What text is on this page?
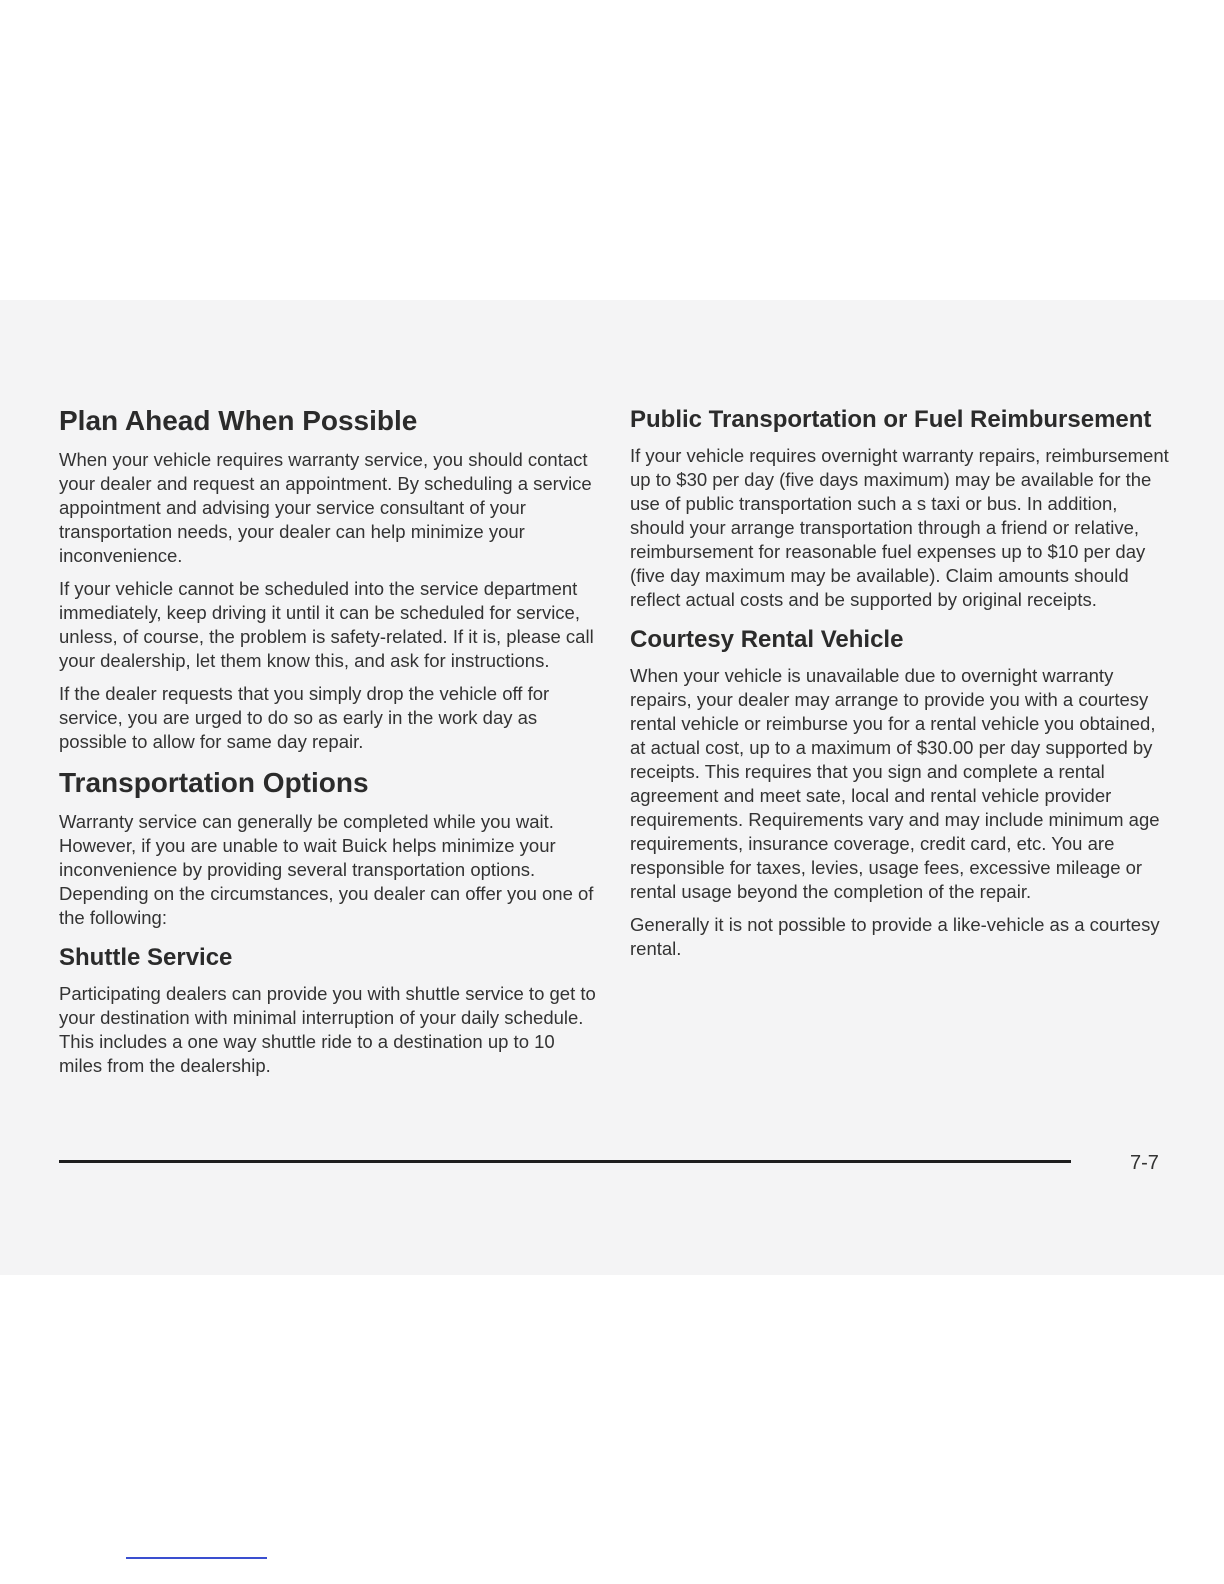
Plan Ahead When Possible

When your vehicle requires warranty service, you should contact your dealer and request an appointment. By scheduling a service appointment and advising your service consultant of your transportation needs, your dealer can help minimize your inconvenience.

If your vehicle cannot be scheduled into the service department immediately, keep driving it until it can be scheduled for service, unless, of course, the problem is safety-related. If it is, please call your dealership, let them know this, and ask for instructions.

If the dealer requests that you simply drop the vehicle off for service, you are urged to do so as early in the work day as possible to allow for same day repair.

Transportation Options

Warranty service can generally be completed while you wait. However, if you are unable to wait Buick helps minimize your inconvenience by providing several transportation options. Depending on the circumstances, you dealer can offer you one of the following:

Shuttle Service

Participating dealers can provide you with shuttle service to get to your destination with minimal interruption of your daily schedule. This includes a one way shuttle ride to a destination up to 10 miles from the dealership.

Public Transportation or Fuel Reimbursement

If your vehicle requires overnight warranty repairs, reimbursement up to $30 per day (five days maximum) may be available for the use of public transportation such a s taxi or bus. In addition, should your arrange transportation through a friend or relative, reimbursement for reasonable fuel expenses up to $10 per day (five day maximum may be available). Claim amounts should reflect actual costs and be supported by original receipts.

Courtesy Rental Vehicle

When your vehicle is unavailable due to overnight warranty repairs, your dealer may arrange to provide you with a courtesy rental vehicle or reimburse you for a rental vehicle you obtained, at actual cost, up to a maximum of $30.00 per day supported by receipts. This requires that you sign and complete a rental agreement and meet sate, local and rental vehicle provider requirements. Requirements vary and may include minimum age requirements, insurance coverage, credit card, etc. You are responsible for taxes, levies, usage fees, excessive mileage or rental usage beyond the completion of the repair.

Generally it is not possible to provide a like-vehicle as a courtesy rental.

7-7
